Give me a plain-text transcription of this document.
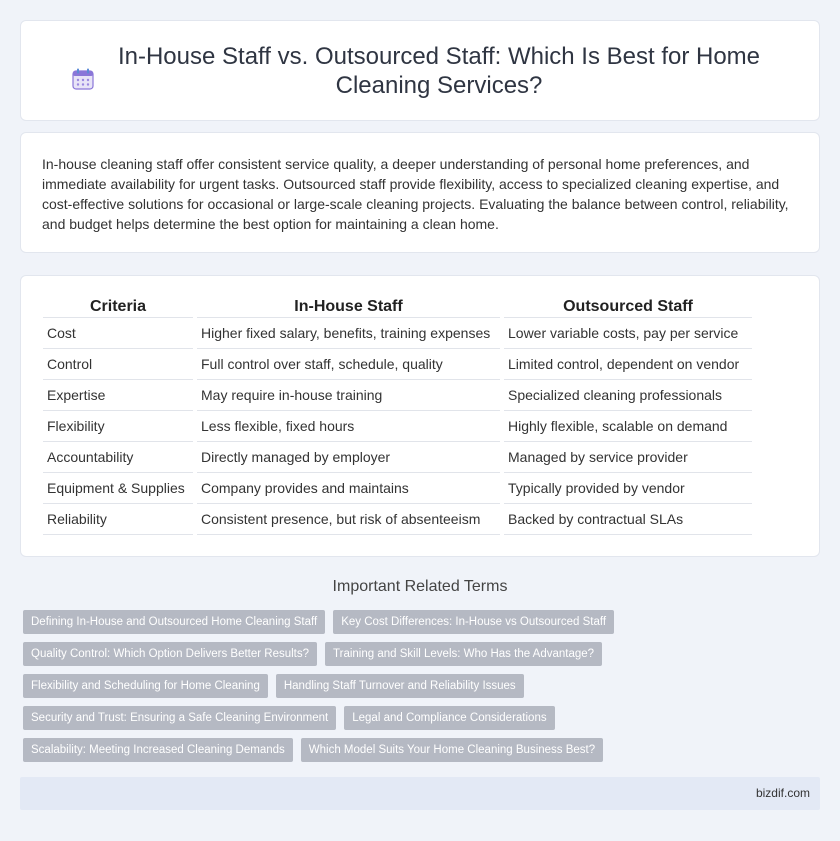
In-House Staff vs. Outsourced Staff: Which Is Best for Home Cleaning Services?

In-house cleaning staff offer consistent service quality, a deeper understanding of personal home preferences, and immediate availability for urgent tasks. Outsourced staff provide flexibility, access to specialized cleaning expertise, and cost-effective solutions for occasional or large-scale cleaning projects. Evaluating the balance between control, reliability, and budget helps determine the best option for maintaining a clean home.

Criteria	In-House Staff	Outsourced Staff
Cost	Higher fixed salary, benefits, training expenses	Lower variable costs, pay per service
Control	Full control over staff, schedule, quality	Limited control, dependent on vendor
Expertise	May require in-house training	Specialized cleaning professionals
Flexibility	Less flexible, fixed hours	Highly flexible, scalable on demand
Accountability	Directly managed by employer	Managed by service provider
Equipment & Supplies	Company provides and maintains	Typically provided by vendor
Reliability	Consistent presence, but risk of absenteeism	Backed by contractual SLAs
Important Related Terms
Defining In-House and Outsourced Home Cleaning Staff	Key Cost Differences: In-House vs Outsourced Staff
Quality Control: Which Option Delivers Better Results?	Training and Skill Levels: Who Has the Advantage?
Flexibility and Scheduling for Home Cleaning	Handling Staff Turnover and Reliability Issues
Security and Trust: Ensuring a Safe Cleaning Environment	Legal and Compliance Considerations
Scalability: Meeting Increased Cleaning Demands	Which Model Suits Your Home Cleaning Business Best?
bizdif.com
